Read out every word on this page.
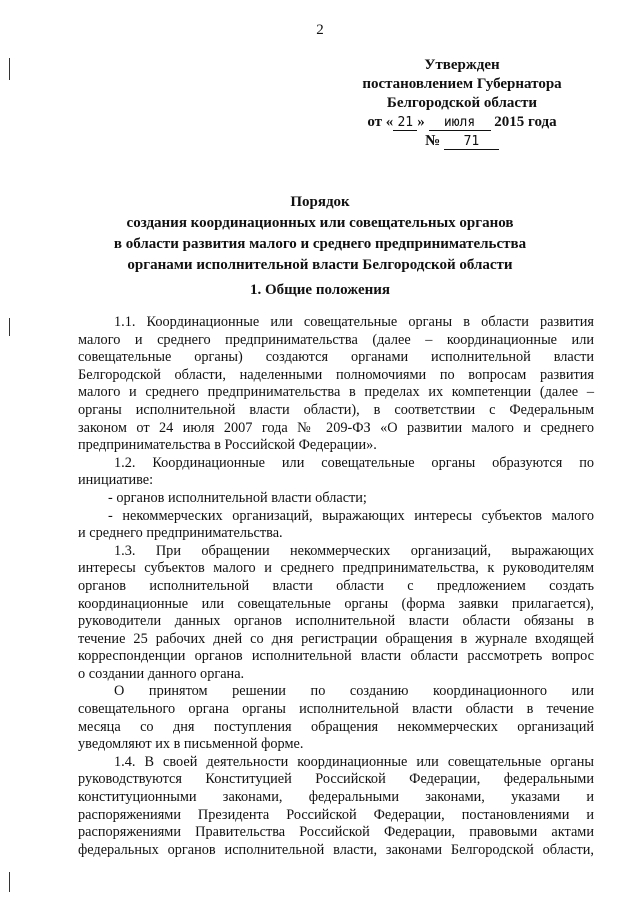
2
Утвержден
постановлением Губернатора
Белгородской области
от « 21 » июля 2015 года
№ 71
Порядок
создания координационных или совещательных органов
в области развития малого и среднего предпринимательства
органами исполнительной власти Белгородской области
1. Общие положения
1.1. Координационные или совещательные органы в области развития
малого и среднего предпринимательства (далее – координационные или
совещательные органы) создаются органами исполнительной власти
Белгородской области, наделенными полномочиями по вопросам развития
малого и среднего предпринимательства в пределах их компетенции (далее –
органы исполнительной власти области), в соответствии с Федеральным
законом от 24 июля 2007 года № 209-ФЗ «О развитии малого и среднего
предпринимательства в Российской Федерации».
1.2. Координационные или совещательные органы образуются по
инициативе:
- органов исполнительной власти области;
- некоммерческих организаций, выражающих интересы субъектов малого
и среднего предпринимательства.
1.3. При обращении некоммерческих организаций, выражающих
интересы субъектов малого и среднего предпринимательства, к руководителям
органов исполнительной власти области с предложением создать
координационные или совещательные органы (форма заявки прилагается),
руководители данных органов исполнительной власти области обязаны в
течение 25 рабочих дней со дня регистрации обращения в журнале входящей
корреспонденции органов исполнительной власти области рассмотреть вопрос
о создании данного органа.
О принятом решении по созданию координационного или
совещательного органа органы исполнительной власти области в течение
месяца со дня поступления обращения некоммерческих организаций
уведомляют их в письменной форме.
1.4. В своей деятельности координационные или совещательные органы
руководствуются Конституцией Российской Федерации, федеральными
конституционными законами, федеральными законами, указами и
распоряжениями Президента Российской Федерации, постановлениями и
распоряжениями Правительства Российской Федерации, правовыми актами
федеральных органов исполнительной власти, законами Белгородской области,
